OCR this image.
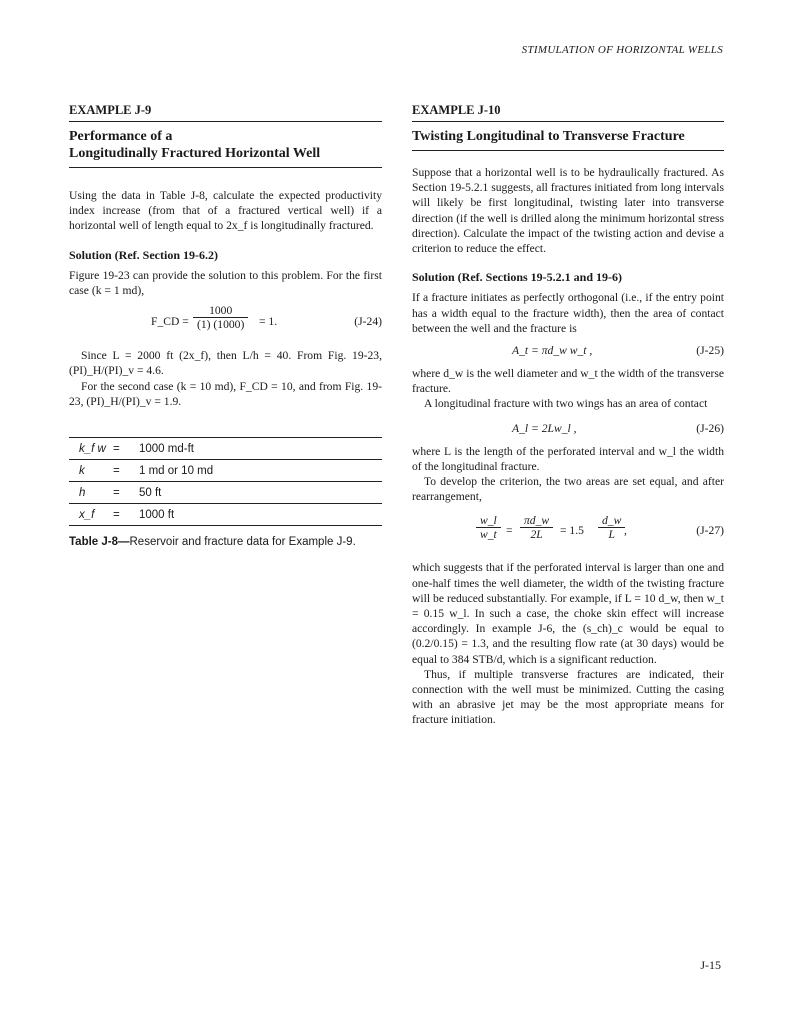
STIMULATION OF HORIZONTAL WELLS
EXAMPLE J-9
Performance of a
Longitudinally Fractured Horizontal Well

Using the data in Table J-8, calculate the expected productivity index increase (from that of a fractured vertical well) if a horizontal well of length equal to 2x_f is longitudinally fractured.

Solution (Ref. Section 19-6.2)

Figure 19-23 can provide the solution to this problem. For the first case (k = 1 md),

F_CD = $\frac{1000}{(1) (1000)} = 1$.	(J-24)

Since L = 2000 ft (2x_f), then L/h = 40. From Fig. 19-23, (PI)_H/(PI)_v = 4.6.

For the second case (k = 10 md), F_CD = 10, and from Fig. 19-23, (PI)_H/(PI)_v = 1.9.

k_f w	=	1000 md-ft
k	=	1 md or 10 md
h	=	50 ft
x_f	=	1000 ft
Table J-8—Reservoir and fracture data for Example J-9.
EXAMPLE J-10
Twisting Longitudinal to Transverse Fracture

Suppose that a horizontal well is to be hydraulically fractured. As Section 19-5.2.1 suggests, all fractures initiated from long intervals will likely be first longitudinal, twisting later into transverse direction (if the well is drilled along the minimum horizontal stress direction). Calculate the impact of the twisting action and devise a criterion to reduce the effect.

Solution (Ref. Sections 19-5.2.1 and 19-6)

If a fracture initiates as perfectly orthogonal (i.e., if the entry point has a width equal to the fracture width), then the area of contact between the well and the fracture is

A_t = πd_w w_t ,	(J-25)

where d_w is the well diameter and w_t the width of the transverse fracture.

A longitudinal fracture with two wings has an area of contact

A_l = 2Lw_l ,	(J-26)

where L is the length of the perforated interval and w_l the width of the longitudinal fracture.

To develop the criterion, the two areas are set equal, and after rearrangement,

$\frac{w\_l}{w\_t} = \frac{\pi d\_w}{2L} = 1.5 \frac{d\_w}{L}$
,	(J-27)

which suggests that if the perforated interval is larger than one and one-half times the well diameter, the width of the twisting fracture will be reduced substantially. For example, if L = 10 d_w, then w_t = 0.15 w_l. In such a case, the choke skin effect will increase accordingly. In example J-6, the (s_ch)_c would be equal to (0.2/0.15) = 1.3, and the resulting flow rate (at 30 days) would be equal to 384 STB/d, which is a significant reduction.

Thus, if multiple transverse fractures are indicated, their connection with the well must be minimized. Cutting the casing with an abrasive jet may be the most appropriate means for fracture initiation.

J-15
